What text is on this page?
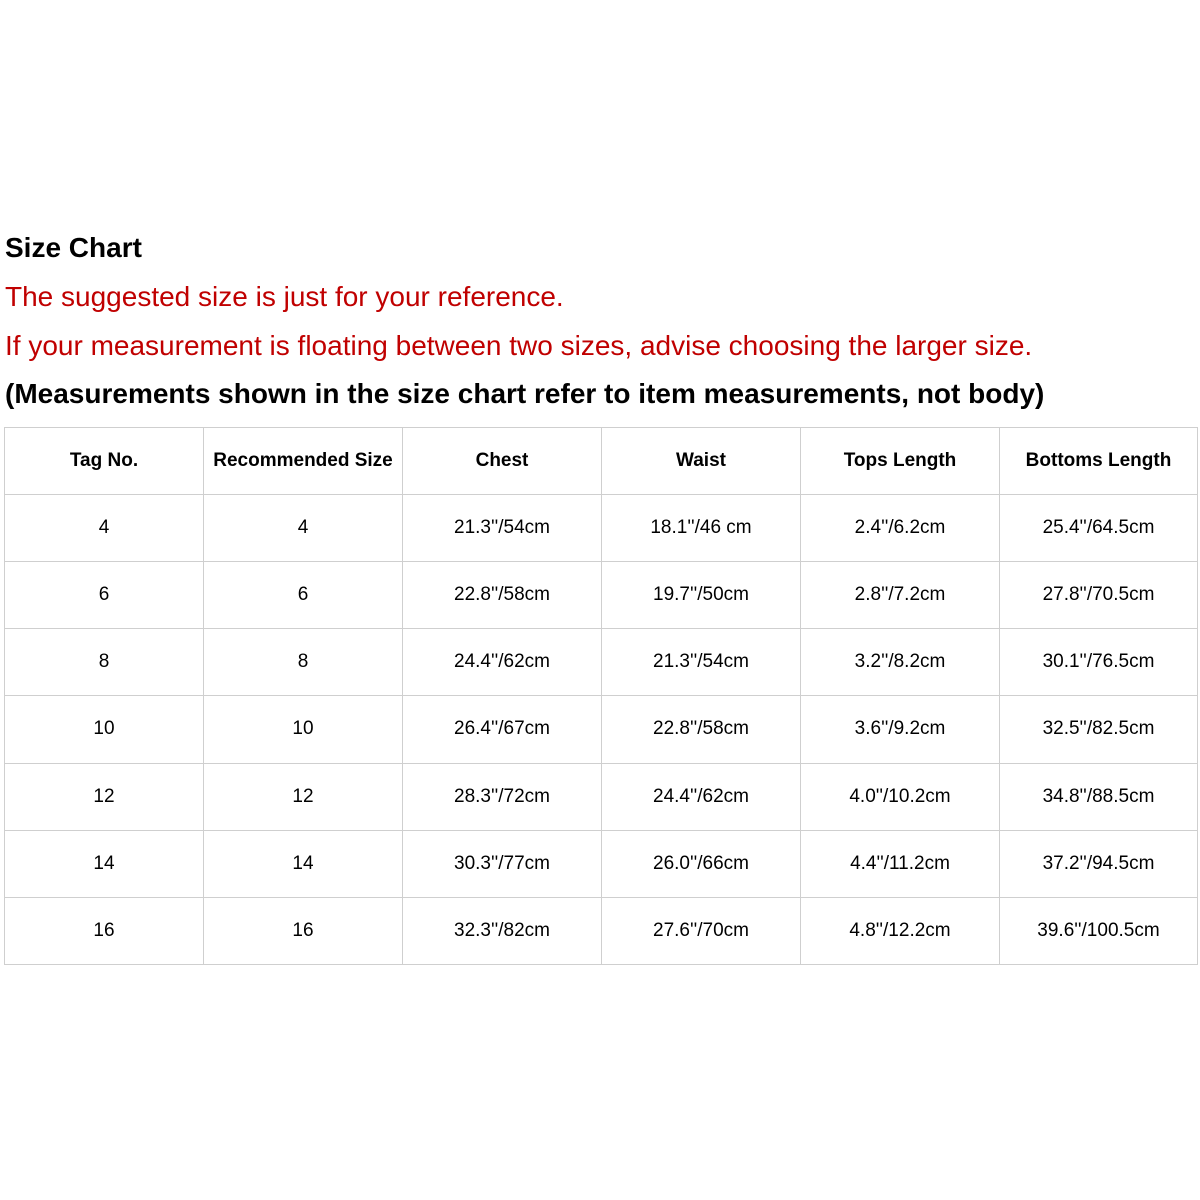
Size Chart
The suggested size is just for your reference.
If your measurement is floating between two sizes, advise choosing the larger size.
(Measurements shown in the size chart refer to item measurements, not body)
Tag No.	Recommended Size	Chest	Waist	Tops Length	Bottoms Length
4	4	21.3''/54cm	18.1''/46 cm	2.4''/6.2cm	25.4''/64.5cm
6	6	22.8''/58cm	19.7''/50cm	2.8''/7.2cm	27.8''/70.5cm
8	8	24.4''/62cm	21.3''/54cm	3.2''/8.2cm	30.1''/76.5cm
10	10	26.4''/67cm	22.8''/58cm	3.6''/9.2cm	32.5''/82.5cm
12	12	28.3''/72cm	24.4''/62cm	4.0''/10.2cm	34.8''/88.5cm
14	14	30.3''/77cm	26.0''/66cm	4.4''/11.2cm	37.2''/94.5cm
16	16	32.3''/82cm	27.6''/70cm	4.8''/12.2cm	39.6''/100.5cm
